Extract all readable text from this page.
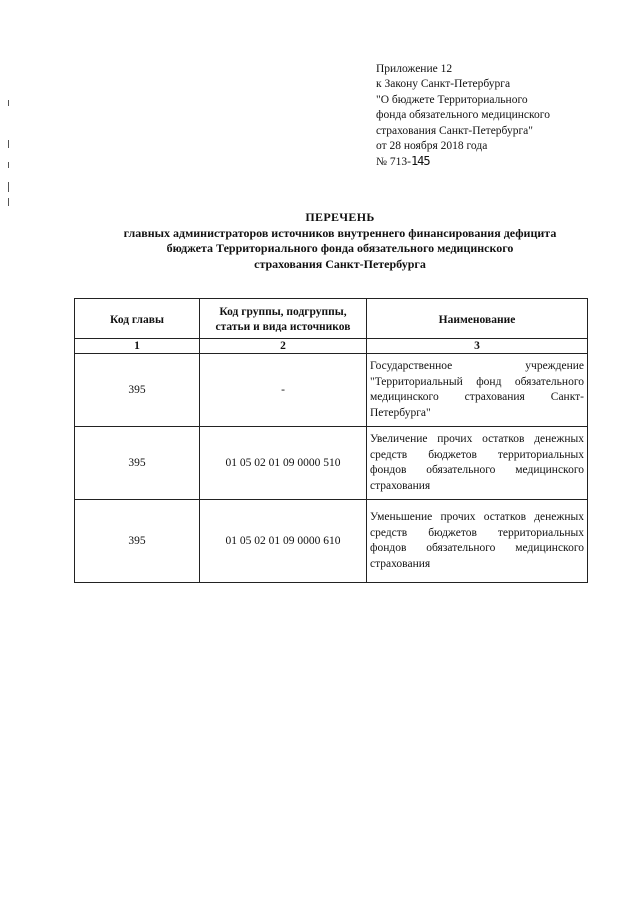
Приложение 12
к Закону Санкт-Петербурга
"О бюджете Территориального
фонда обязательного медицинского
страхования Санкт-Петербурга"
от 28 ноября 2018 года
№ 713-145
ПЕРЕЧЕНЬ
главных администраторов источников внутреннего финансирования дефицита
бюджета Территориального фонда обязательного медицинского
страхования Санкт-Петербурга
Код главы	Код группы, подгруппы, статьи и вида источников	Наименование
1	2	3
395	-	Государственное учреждение "Территориальный фонд обязательного медицинского страхования Санкт-Петербурга"
395	01 05 02 01 09 0000 510	Увеличение прочих остатков денежных средств бюджетов территориальных фондов обязательного медицинского страхования
395	01 05 02 01 09 0000 610	Уменьшение прочих остатков денежных средств бюджетов территориальных фондов обязательного медицинского страхования
